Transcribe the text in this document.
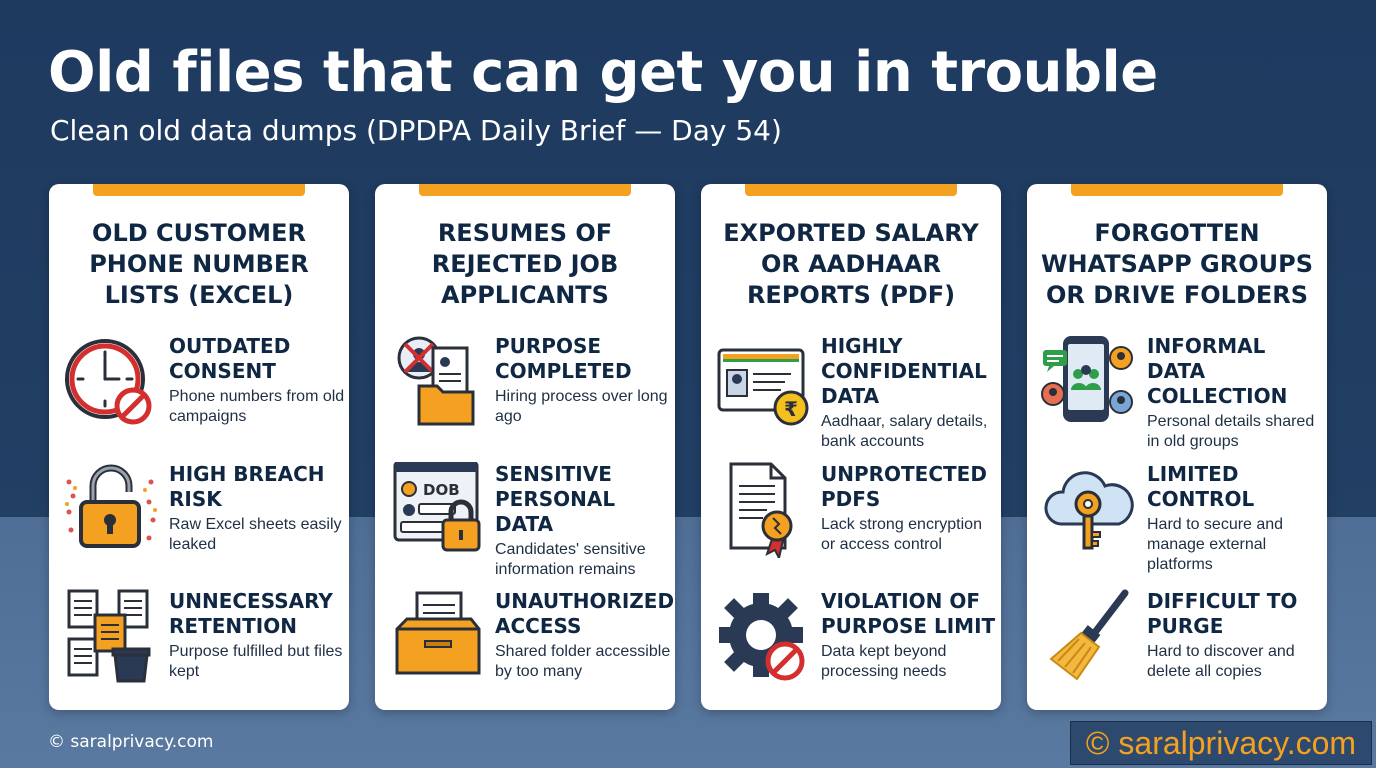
Old files that can get you in trouble
Clean old data dumps (DPDPA Daily Brief — Day 54)
OLD CUSTOMER PHONE NUMBER LISTS (EXCEL)
OUTDATED CONSENT
Phone numbers from old campaigns
HIGH BREACH RISK
Raw Excel sheets easily leaked
UNNECESSARY RETENTION
Purpose fulfilled but files kept
RESUMES OF REJECTED JOB APPLICANTS
PURPOSE COMPLETED
Hiring process over long ago
DOB
SENSITIVE PERSONAL DATA
Candidates' sensitive information remains
UNAUTHORIZED ACCESS
Shared folder accessible by too many
EXPORTED SALARY OR AADHAAR REPORTS (PDF)
₹
HIGHLY CONFIDENTIAL DATA
Aadhaar, salary details, bank accounts
UNPROTECTED PDFS
Lack strong encryption or access control
VIOLATION OF PURPOSE LIMIT
Data kept beyond processing needs
FORGOTTEN WHATSAPP GROUPS OR DRIVE FOLDERS
INFORMAL DATA COLLECTION
Personal details shared in old groups
LIMITED CONTROL
Hard to secure and manage external platforms
DIFFICULT TO PURGE
Hard to discover and delete all copies
© saralprivacy.com	© saralprivacy.com
